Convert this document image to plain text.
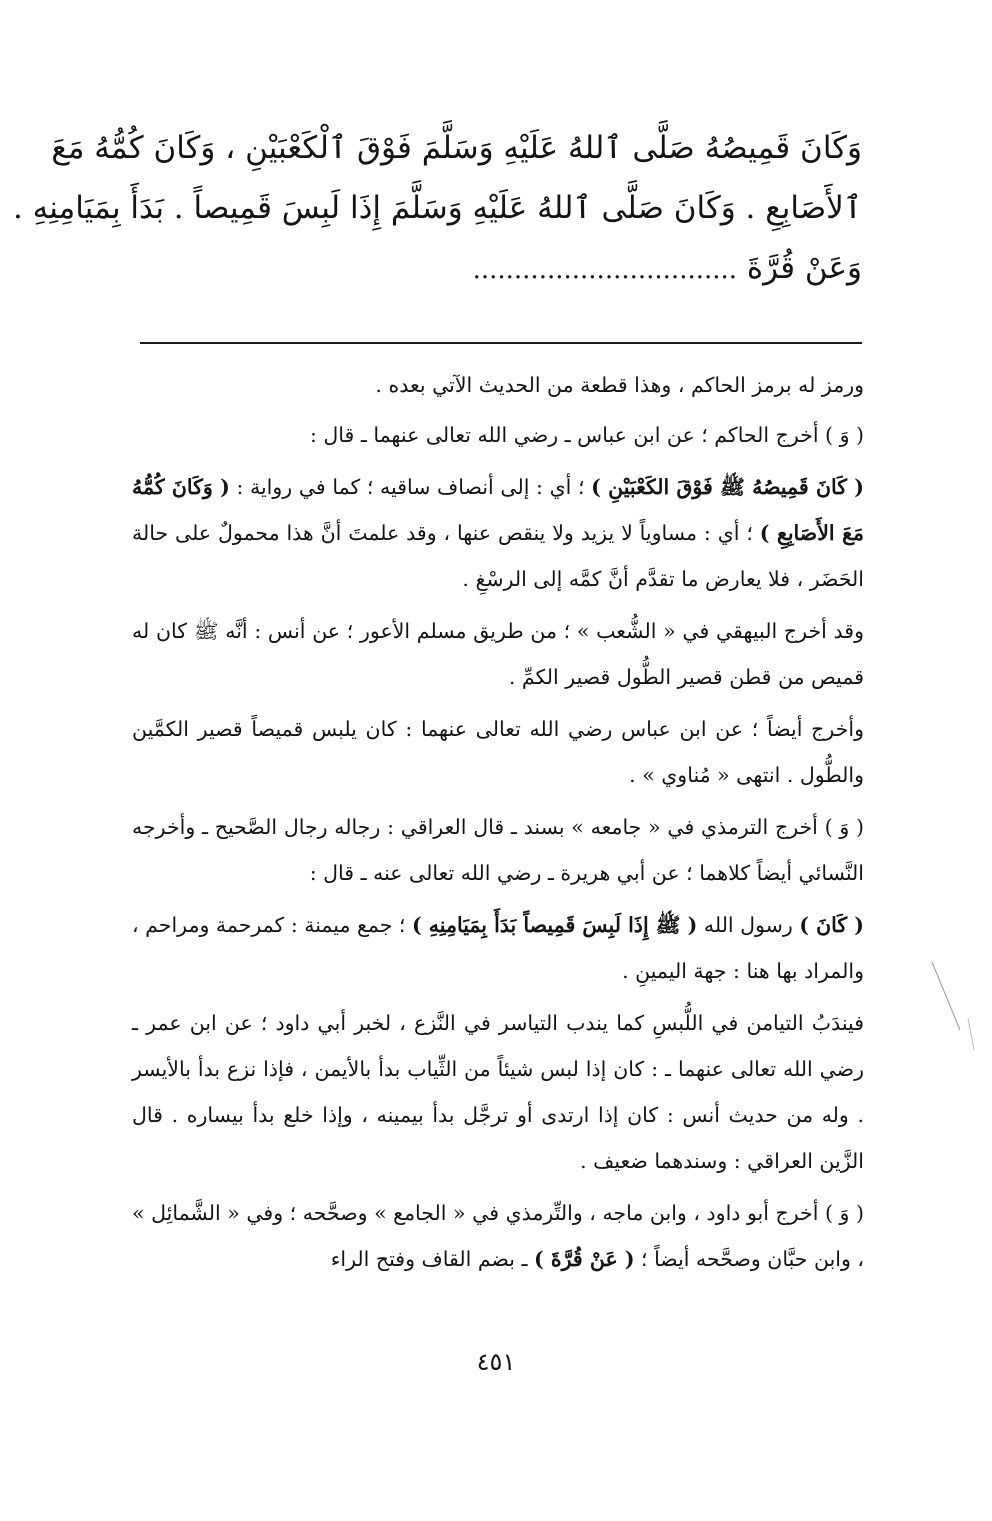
وَكَانَ قَمِيصُهُ صَلَّى ٱللهُ عَلَيْهِ وَسَلَّمَ فَوْقَ ٱلْكَعْبَيْنِ ، وَكَانَ كُمُّهُ مَعَ
ٱلأَصَابِعِ . وَكَانَ صَلَّى ٱللهُ عَلَيْهِ وَسَلَّمَ إِذَا لَبِسَ قَمِيصاً . بَدَأَ بِمَيَامِنِهِ .
وَعَنْ قُرَّةَ ................................

ورمز له برمز الحاكم ، وهذا قطعة من الحديث الآتي بعده .

( وَ ) أخرج الحاكم ؛ عن ابن عباس ـ رضي الله تعالى عنهما ـ قال :

( كَانَ قَمِيصُهُ ﷺ فَوْقَ الكَعْبَيْنِ ) ؛ أي : إلى أنصاف ساقيه ؛ كما في رواية : ( وَكَانَ كُمُّهُ مَعَ الأَصَابِعِ ) ؛ أي : مساوياً لا يزيد ولا ينقص عنها ، وقد علمتَ أنَّ هذا محمولٌ على حالة الحَضَر ، فلا يعارض ما تقدَّم أنَّ كمَّه إلى الرسْغِ .

وقد أخرج البيهقي في « الشُّعب » ؛ من طريق مسلم الأعور ؛ عن أنس : أنَّه ﷺ كان له قميص من قطن قصير الطُّول قصير الكمِّ .

وأخرج أيضاً ؛ عن ابن عباس رضي الله تعالى عنهما : كان يلبس قميصاً قصير الكمَّين والطُّول . انتهى « مُناوي » .

( وَ ) أخرج الترمذي في « جامعه » بسند ـ قال العراقي : رجاله رجال الصَّحيح ـ وأخرجه النَّسائي أيضاً كلاهما ؛ عن أبي هريرة ـ رضي الله تعالى عنه ـ قال :

( كَانَ ) رسول الله ( ﷺ إِذَا لَبِسَ قَمِيصاً بَدَأَ بِمَيَامِنِهِ ) ؛ جمع ميمنة : كمرحمة ومراحم ، والمراد بها هنا : جهة اليمينِ .

فيندَبُ التيامن في اللُّبسِ كما يندب التياسر في النَّزع ، لخبر أبي داود ؛ عن ابن عمر ـ رضي الله تعالى عنهما ـ : كان إذا لبس شيئاً من الثِّياب بدأ بالأيمن ، فإذا نزع بدأ بالأيسر . وله من حديث أنس : كان إذا ارتدى أو ترجَّل بدأ بيمينه ، وإذا خلع بدأ بيساره . قال الزَّين العراقي : وسندهما ضعيف .

( وَ ) أخرج أبو داود ، وابن ماجه ، والتِّرمذي في « الجامع » وصحَّحه ؛ وفي « الشَّمائِل » ، وابن حبَّان وصحَّحه أيضاً ؛ ( عَنْ قُرَّةَ ) ـ بضم القاف وفتح الراء

٤٥١
